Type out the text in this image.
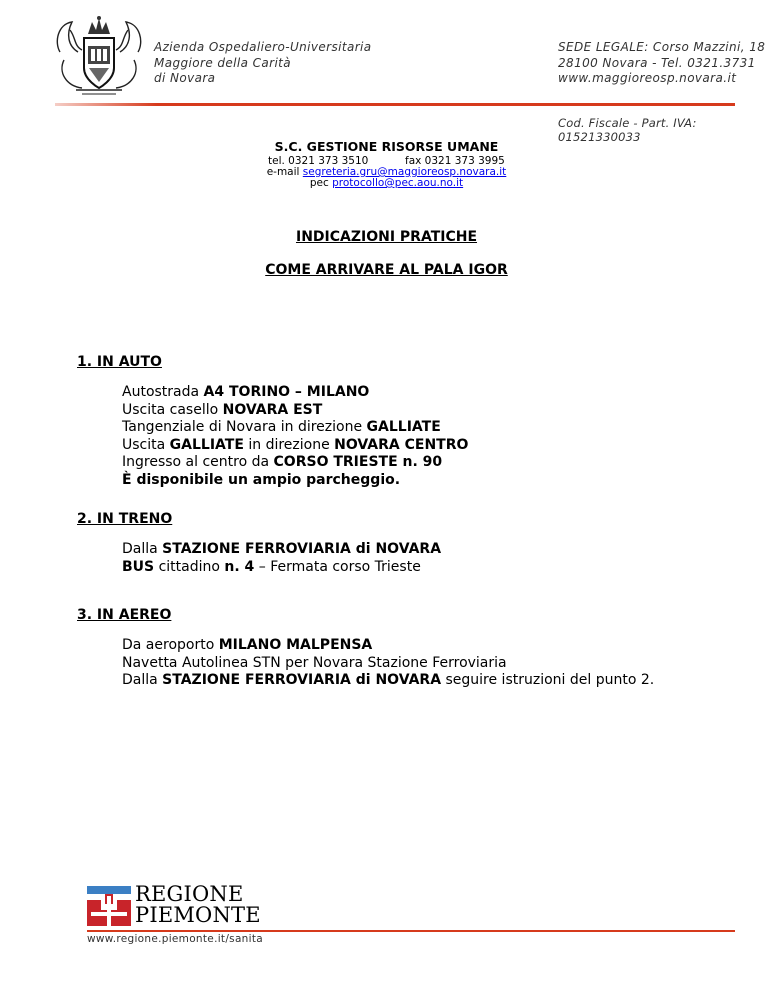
Azienda Ospedaliero-Universitaria
Maggiore della Carità
di Novara
SEDE LEGALE: Corso Mazzini, 18
28100 Novara - Tel. 0321.3731
www.maggioreosp.novara.it
Cod. Fiscale - Part. IVA: 01521330033
S.C. GESTIONE RISORSE UMANE
tel. 0321 373 3510	fax 0321 373 3995
e-mail segreteria.gru@maggioreosp.novara.it
pec protocollo@pec.aou.no.it
INDICAZIONI PRATICHE
COME ARRIVARE AL PALA IGOR
1. IN AUTO
Autostrada A4 TORINO – MILANO
Uscita casello NOVARA EST
Tangenziale di Novara in direzione GALLIATE
Uscita GALLIATE in direzione NOVARA CENTRO
Ingresso al centro da CORSO TRIESTE n. 90
È disponibile un ampio parcheggio.
2. IN TRENO
Dalla STAZIONE FERROVIARIA di NOVARA
BUS cittadino n. 4 – Fermata corso Trieste
3. IN AEREO
Da aeroporto MILANO MALPENSA
Navetta Autolinea STN per Novara Stazione Ferroviaria
Dalla STAZIONE FERROVIARIA di NOVARA seguire istruzioni del punto 2.
REGIONE
PIEMONTE
www.regione.piemonte.it/sanita
